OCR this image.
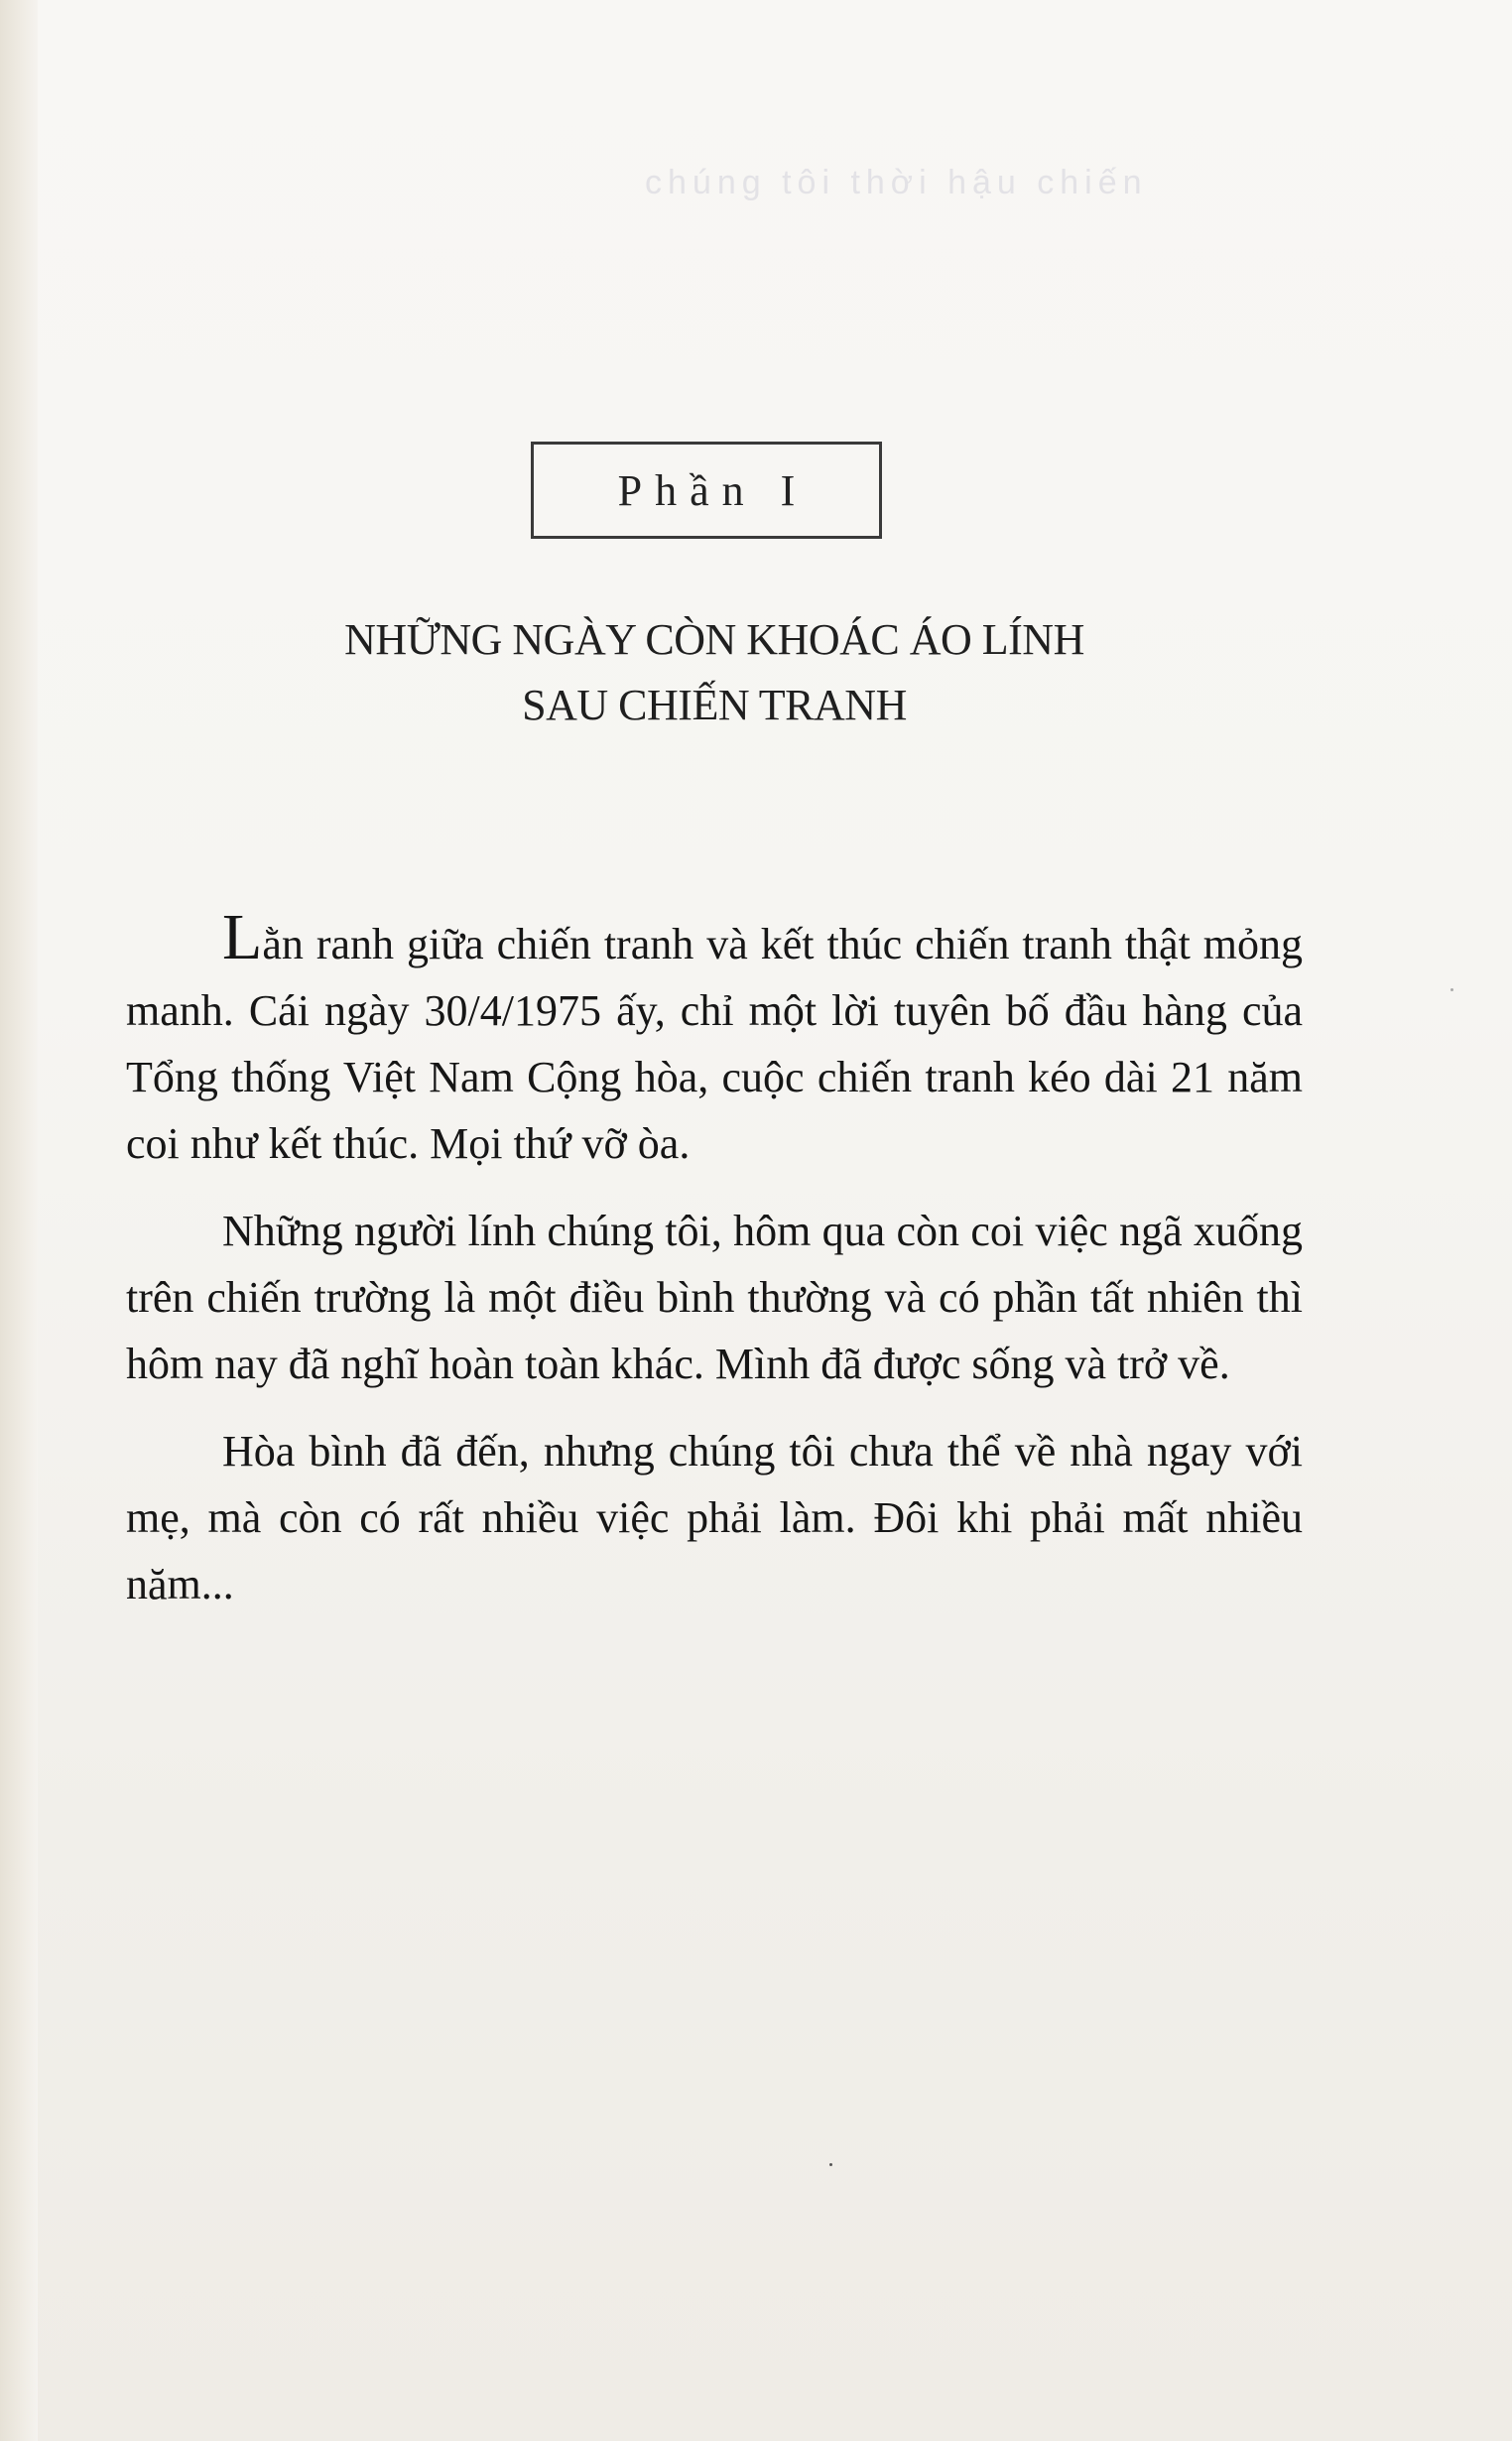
chúng tôi thời hậu chiến
Phần I
NHỮNG NGÀY CÒN KHOÁC ÁO LÍNH
SAU CHIẾN TRANH

Lằn ranh giữa chiến tranh và kết thúc chiến tranh thật mỏng manh. Cái ngày 30/4/1975 ấy, chỉ một lời tuyên bố đầu hàng của Tổng thống Việt Nam Cộng hòa, cuộc chiến tranh kéo dài 21 năm coi như kết thúc. Mọi thứ vỡ òa.

Những người lính chúng tôi, hôm qua còn coi việc ngã xuống trên chiến trường là một điều bình thường và có phần tất nhiên thì hôm nay đã nghĩ hoàn toàn khác. Mình đã được sống và trở về.

Hòa bình đã đến, nhưng chúng tôi chưa thể về nhà ngay với mẹ, mà còn có rất nhiều việc phải làm. Đôi khi phải mất nhiều năm...
